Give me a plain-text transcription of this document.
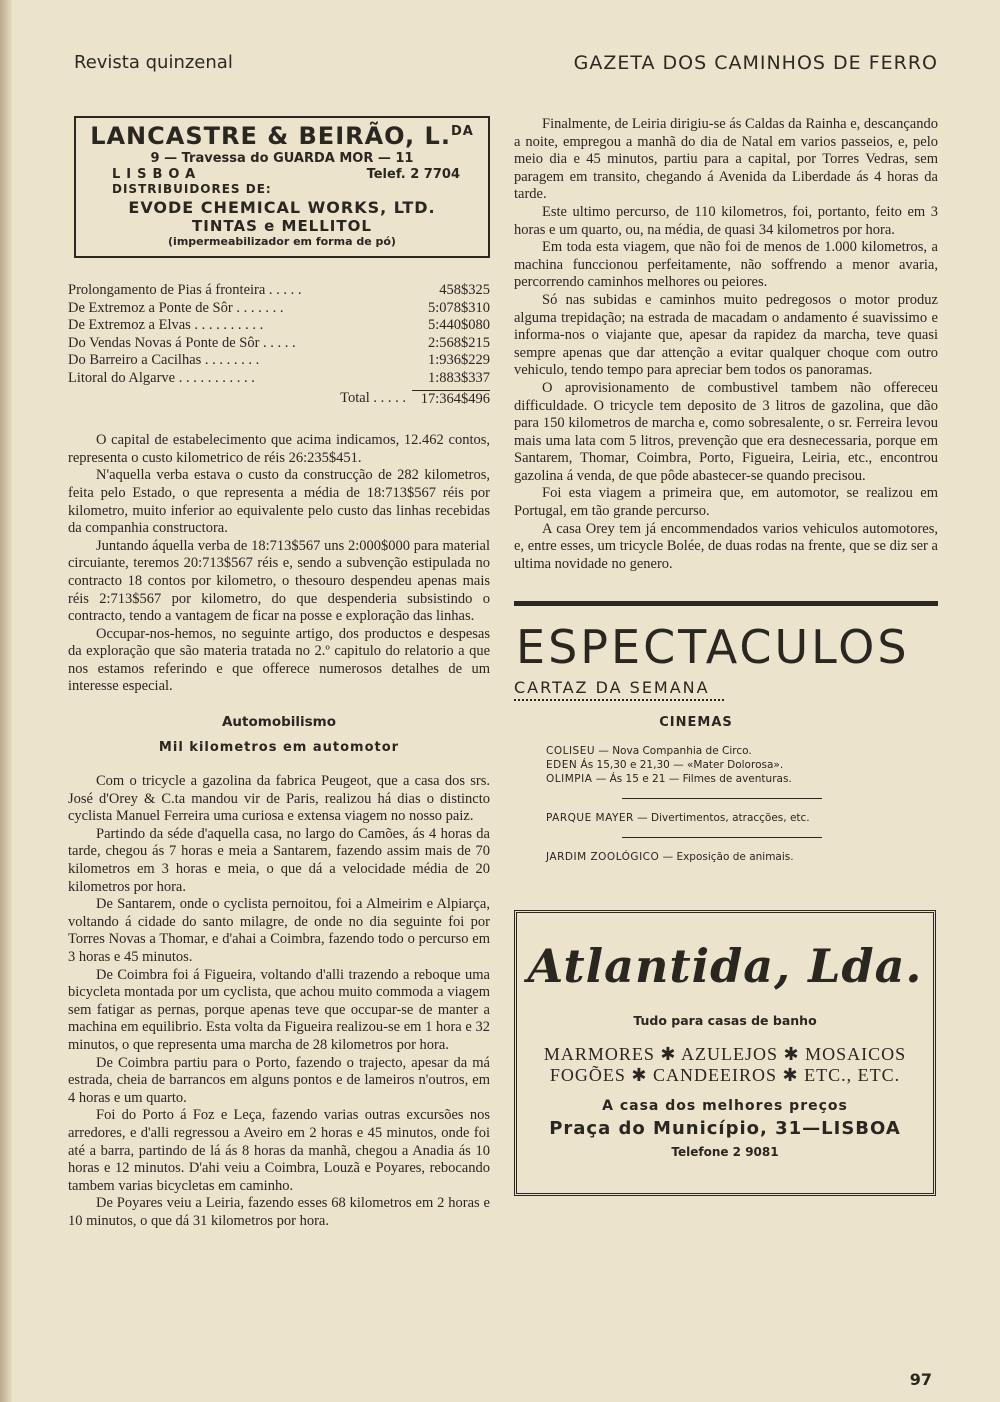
Revista quinzenal	GAZETA DOS CAMINHOS DE FERRO
LANCASTRE & BEIRÃO, L.$^{DA}$
9 — Travessa do GUARDA MOR — 11
LISBOA	Telef. 2 7704
DISTRIBUIDORES DE:
EVODE CHEMICAL WORKS, LTD.
TINTAS e MELLITOL
(impermeabilizador em forma de pó)
Prolongamento de Pias á fronteira . . . . .	458$325
De Extremoz a Ponte de Sôr . . . . . . .	5:078$310
De Extremoz a Elvas . . . . . . . . . .	5:440$080
Do Vendas Novas á Ponte de Sôr . . . . .	2:568$215
Do Barreiro a Cacilhas . . . . . . . .	1:936$229
Litoral do Algarve . . . . . . . . . . .	1:883$337
Total . . . . .	17:364$496

O capital de estabelecimento que acima indicamos, 12.462 contos, representa o custo kilometrico de réis 26:235$451.

N'aquella verba estava o custo da construcção de 282 kilometros, feita pelo Estado, o que representa a média de 18:713$567 réis por kilometro, muito inferior ao equivalente pelo custo das linhas recebidas da companhia constructora.

Juntando áquella verba de 18:713$567 uns 2:000$000 para material circuiante, teremos 20:713$567 réis e, sendo a subvenção estipulada no contracto 18 contos por kilometro, o thesouro despendeu apenas mais réis 2:713$567 por kilometro, do que despenderia subsistindo o contracto, tendo a vantagem de ficar na posse e exploração das linhas.

Occupar-nos-hemos, no seguinte artigo, dos productos e despesas da exploração que são materia tratada no 2.º capitulo do relatorio a que nos estamos referindo e que offerece numerosos detalhes de um interesse especial.

Automobilismo
Mil kilometros em automotor

Com o tricycle a gazolina da fabrica Peugeot, que a casa dos srs. José d'Orey & C.ta mandou vir de Paris, realizou há dias o distincto cyclista Manuel Ferreira uma curiosa e extensa viagem no nosso paiz.

Partindo da séde d'aquella casa, no largo do Camões, ás 4 horas da tarde, chegou ás 7 horas e meia a Santarem, fazendo assim mais de 70 kilometros em 3 horas e meia, o que dá a velocidade média de 20 kilometros por hora.

De Santarem, onde o cyclista pernoitou, foi a Almeirim e Alpiarça, voltando á cidade do santo milagre, de onde no dia seguinte foi por Torres Novas a Thomar, e d'ahai a Coimbra, fazendo todo o percurso em 3 horas e 45 minutos.

De Coimbra foi á Figueira, voltando d'alli trazendo a reboque uma bicycleta montada por um cyclista, que achou muito commoda a viagem sem fatigar as pernas, porque apenas teve que occupar-se de manter a machina em equilibrio. Esta volta da Figueira realizou-se em 1 hora e 32 minutos, o que representa uma marcha de 28 kilometros por hora.

De Coimbra partiu para o Porto, fazendo o trajecto, apesar da má estrada, cheia de barrancos em alguns pontos e de lameiros n'outros, em 4 horas e um quarto.

Foi do Porto á Foz e Leça, fazendo varias outras excursões nos arredores, e d'alli regressou a Aveiro em 2 horas e 45 minutos, onde foi até a barra, partindo de lá ás 8 horas da manhã, chegou a Anadia ás 10 horas e 12 minutos. D'ahi veiu a Coimbra, Louzã e Poyares, rebocando tambem varias bicycletas em caminho.

De Poyares veiu a Leiria, fazendo esses 68 kilometros em 2 horas e 10 minutos, o que dá 31 kilometros por hora.

Finalmente, de Leiria dirigiu-se ás Caldas da Rainha e, descançando a noite, empregou a manhã do dia de Natal em varios passeios, e, pelo meio dia e 45 minutos, partiu para a capital, por Torres Vedras, sem paragem em transito, chegando á Avenida da Liberdade ás 4 horas da tarde.

Este ultimo percurso, de 110 kilometros, foi, portanto, feito em 3 horas e um quarto, ou, na média, de quasi 34 kilometros por hora.

Em toda esta viagem, que não foi de menos de 1.000 kilometros, a machina funccionou perfeitamente, não soffrendo a menor avaria, percorrendo caminhos melhores ou peiores.

Só nas subidas e caminhos muito pedregosos o motor produz alguma trepidação; na estrada de macadam o andamento é suavissimo e informa-nos o viajante que, apesar da rapidez da marcha, teve quasi sempre apenas que dar attenção a evitar qualquer choque com outro vehiculo, tendo tempo para apreciar bem todos os panoramas.

O aprovisionamento de combustivel tambem não offereceu difficuldade. O tricycle tem deposito de 3 litros de gazolina, que dão para 150 kilometros de marcha e, como sobresalente, o sr. Ferreira levou mais uma lata com 5 litros, prevenção que era desnecessaria, porque em Santarem, Thomar, Coimbra, Porto, Figueira, Leiria, etc., encontrou gazolina á venda, de que pôde abastecer-se quando precisou.

Foi esta viagem a primeira que, em automotor, se realizou em Portugal, em tão grande percurso.

A casa Orey tem já encommendados varios vehiculos automotores, e, entre esses, um tricycle Bolée, de duas rodas na frente, que se diz ser a ultima novidade no genero.

ESPECTACULOS
CARTAZ DA SEMANA
CINEMAS
COLISEU — Nova Companhia de Circo.
EDEN Ás 15,30 e 21,30 — «Mater Dolorosa».
OLIMPIA — Ás 15 e 21 — Filmes de aventuras.
PARQUE MAYER — Divertimentos, atracções, etc.
JARDIM ZOOLÓGICO — Exposição de animais.
Atlantida, Lda.
Tudo para casas de banho
MARMORES ✱ AZULEJOS ✱ MOSAICOS
FOGÕES ✱ CANDEEIROS ✱ ETC., ETC.
A casa dos melhores preços
Praça do Município, 31—LISBOA
Telefone 2 9081
97
